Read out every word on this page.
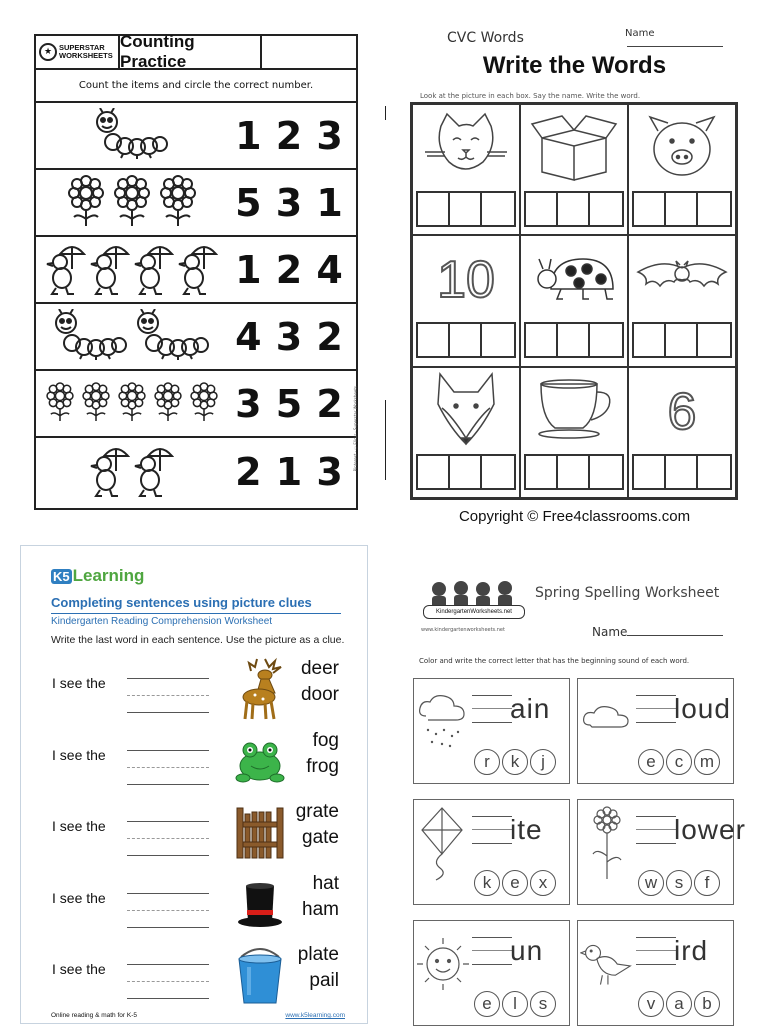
★ SUPERSTAR
WORKSHEETS
Counting Practice
Count the items and circle the correct number.
1 2 3
5 3 1
1 2 4
4 3 2
3 5 2
2 1 3
Pinterest · Ⓒ Flickr · Superstar Worksheets
CVC Words	Name
Write the Words
Look at the picture in each box. Say the name. Write the word.
10
6
Copyright © Free4classrooms.com
K5 Learning
Completing sentences using picture clues
Kindergarten Reading Comprehension Worksheet
Write the last word in each sentence. Use the picture as a clue.
I see the
deer
door
I see the
fog
frog
I see the
grate
gate
I see the
hat
ham
I see the
plate
pail
Online reading & math for K-5	www.k5learning.com
KindergartenWorksheets.net
www.kindergartenworksheets.net
Spring Spelling Worksheet
Name
Color and write the correct letter that has the beginning sound of each word.
ain
r	k	j
loud
e	c m
ite
k	e	x
lower
w	s	f
un
e	l	s
ird
v	a	b
